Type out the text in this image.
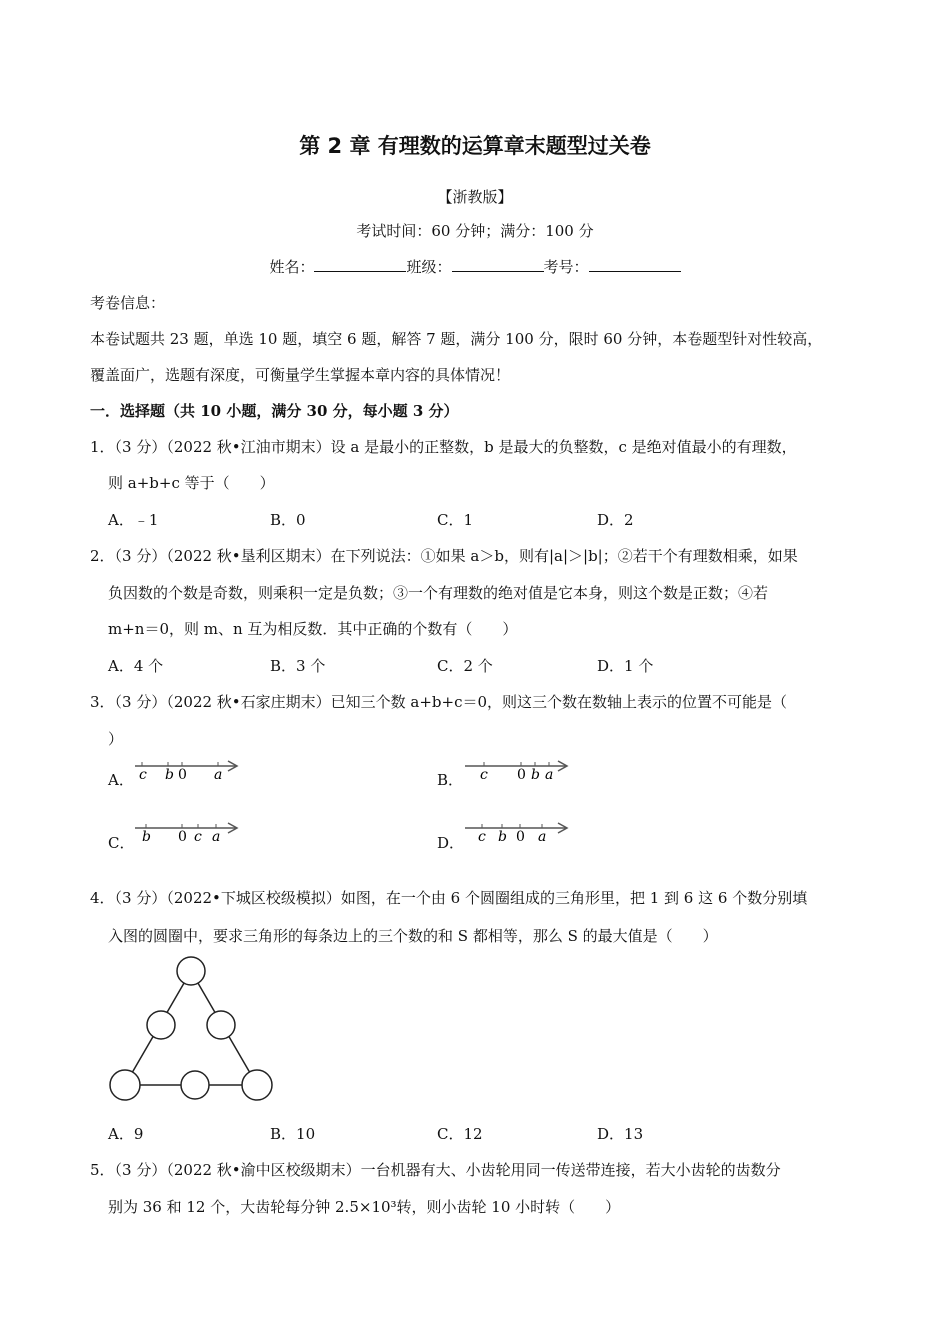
第 2 章 有理数的运算章末题型过关卷
【浙教版】
考试时间：60 分钟；满分：100 分
姓名：	班级：	考号：
考卷信息：
本卷试题共 23 题，单选 10 题，填空 6 题，解答 7 题，满分 100 分，限时 60 分钟，本卷题型针对性较高，
覆盖面广，选题有深度，可衡量学生掌握本章内容的具体情况！
一．选择题（共 10 小题，满分 30 分，每小题 3 分）
1．（3 分）（2022 秋•江油市期末）设 a 是最小的正整数，b 是最大的负整数，c 是绝对值最小的有理数，
则 a+b+c 等于（　　）
A．﹣1	B．0	C．1	D．2
2．（3 分）（2022 秋•垦利区期末）在下列说法：①如果 a＞b，则有|a|＞|b|；②若干个有理数相乘，如果
负因数的个数是奇数，则乘积一定是负数；③一个有理数的绝对值是它本身，则这个数是正数；④若
m+n＝0，则 m、n 互为相反数．其中正确的个数有（　　）
A．4 个	B．3 个	C．2 个	D．1 个
3．（3 分）（2022 秋•石家庄期末）已知三个数 a+b+c＝0，则这三个数在数轴上表示的位置不可能是（
）
A． c b 0 a	B． c 0 b a
C． b 0 c a	D． c b 0 a
4．（3 分）（2022•下城区校级模拟）如图，在一个由 6 个圆圈组成的三角形里，把 1 到 6 这 6 个数分别填
入图的圆圈中，要求三角形的每条边上的三个数的和 S 都相等，那么 S 的最大值是（　　）
A．9	B．10	C．12	D．13
5．（3 分）（2022 秋•渝中区校级期末）一台机器有大、小齿轮用同一传送带连接，若大小齿轮的齿数分
别为 36 和 12 个，大齿轮每分钟 2.5×10³转，则小齿轮 10 小时转（　　）
